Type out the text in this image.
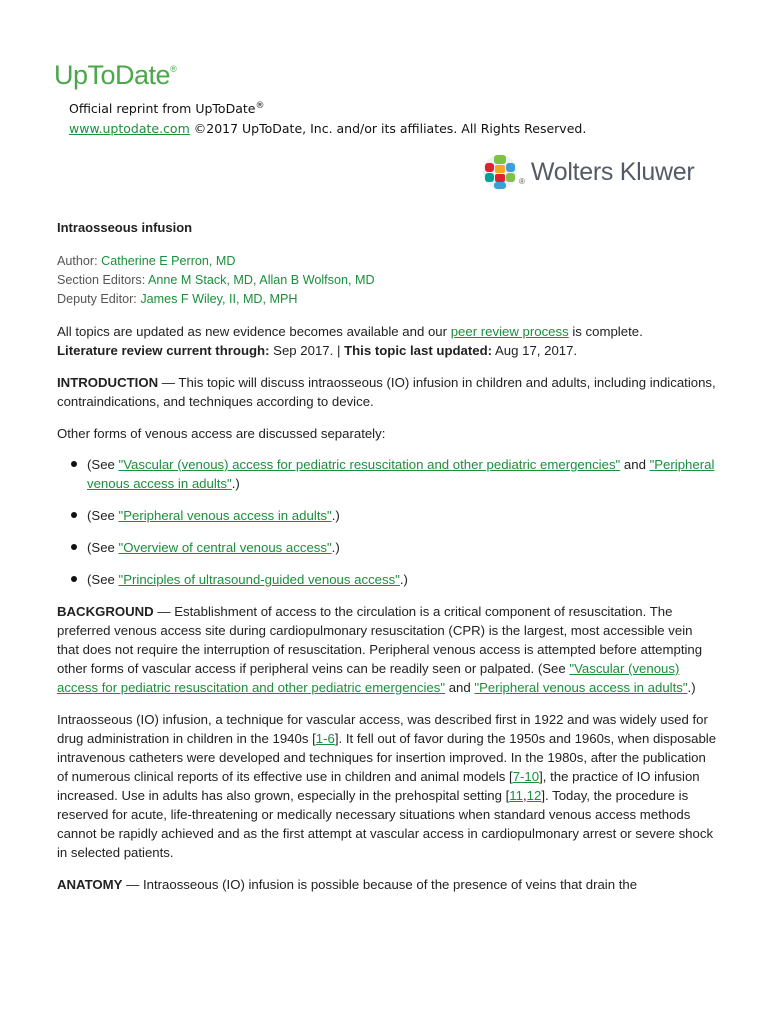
UpToDate®
Official reprint from UpToDate®
www.uptodate.com ©2017 UpToDate, Inc. and/or its affiliates. All Rights Reserved.
® Wolters Kluwer
Intraosseous infusion
Author: Catherine E Perron, MD
Section Editors: Anne M Stack, MD, Allan B Wolfson, MD
Deputy Editor: James F Wiley, II, MD, MPH

All topics are updated as new evidence becomes available and our peer review process is complete.
Literature review current through: Sep 2017. | This topic last updated: Aug 17, 2017.

INTRODUCTION — This topic will discuss intraosseous (IO) infusion in children and adults, including indications, contraindications, and techniques according to device.

Other forms of venous access are discussed separately:

(See "Vascular (venous) access for pediatric resuscitation and other pediatric emergencies" and "Peripheral venous access in adults".)
(See "Peripheral venous access in adults".)
(See "Overview of central venous access".)
(See "Principles of ultrasound-guided venous access".)

BACKGROUND — Establishment of access to the circulation is a critical component of resuscitation. The preferred venous access site during cardiopulmonary resuscitation (CPR) is the largest, most accessible vein that does not require the interruption of resuscitation. Peripheral venous access is attempted before attempting other forms of vascular access if peripheral veins can be readily seen or palpated. (See "Vascular (venous) access for pediatric resuscitation and other pediatric emergencies" and "Peripheral venous access in adults".)

Intraosseous (IO) infusion, a technique for vascular access, was described first in 1922 and was widely used for drug administration in children in the 1940s [1-6]. It fell out of favor during the 1950s and 1960s, when disposable intravenous catheters were developed and techniques for insertion improved. In the 1980s, after the publication of numerous clinical reports of its effective use in children and animal models [7-10], the practice of IO infusion increased. Use in adults has also grown, especially in the prehospital setting [11,12]. Today, the procedure is reserved for acute, life-threatening or medically necessary situations when standard venous access methods cannot be rapidly achieved and as the first attempt at vascular access in cardiopulmonary arrest or severe shock in selected patients.

ANATOMY — Intraosseous (IO) infusion is possible because of the presence of veins that drain the
